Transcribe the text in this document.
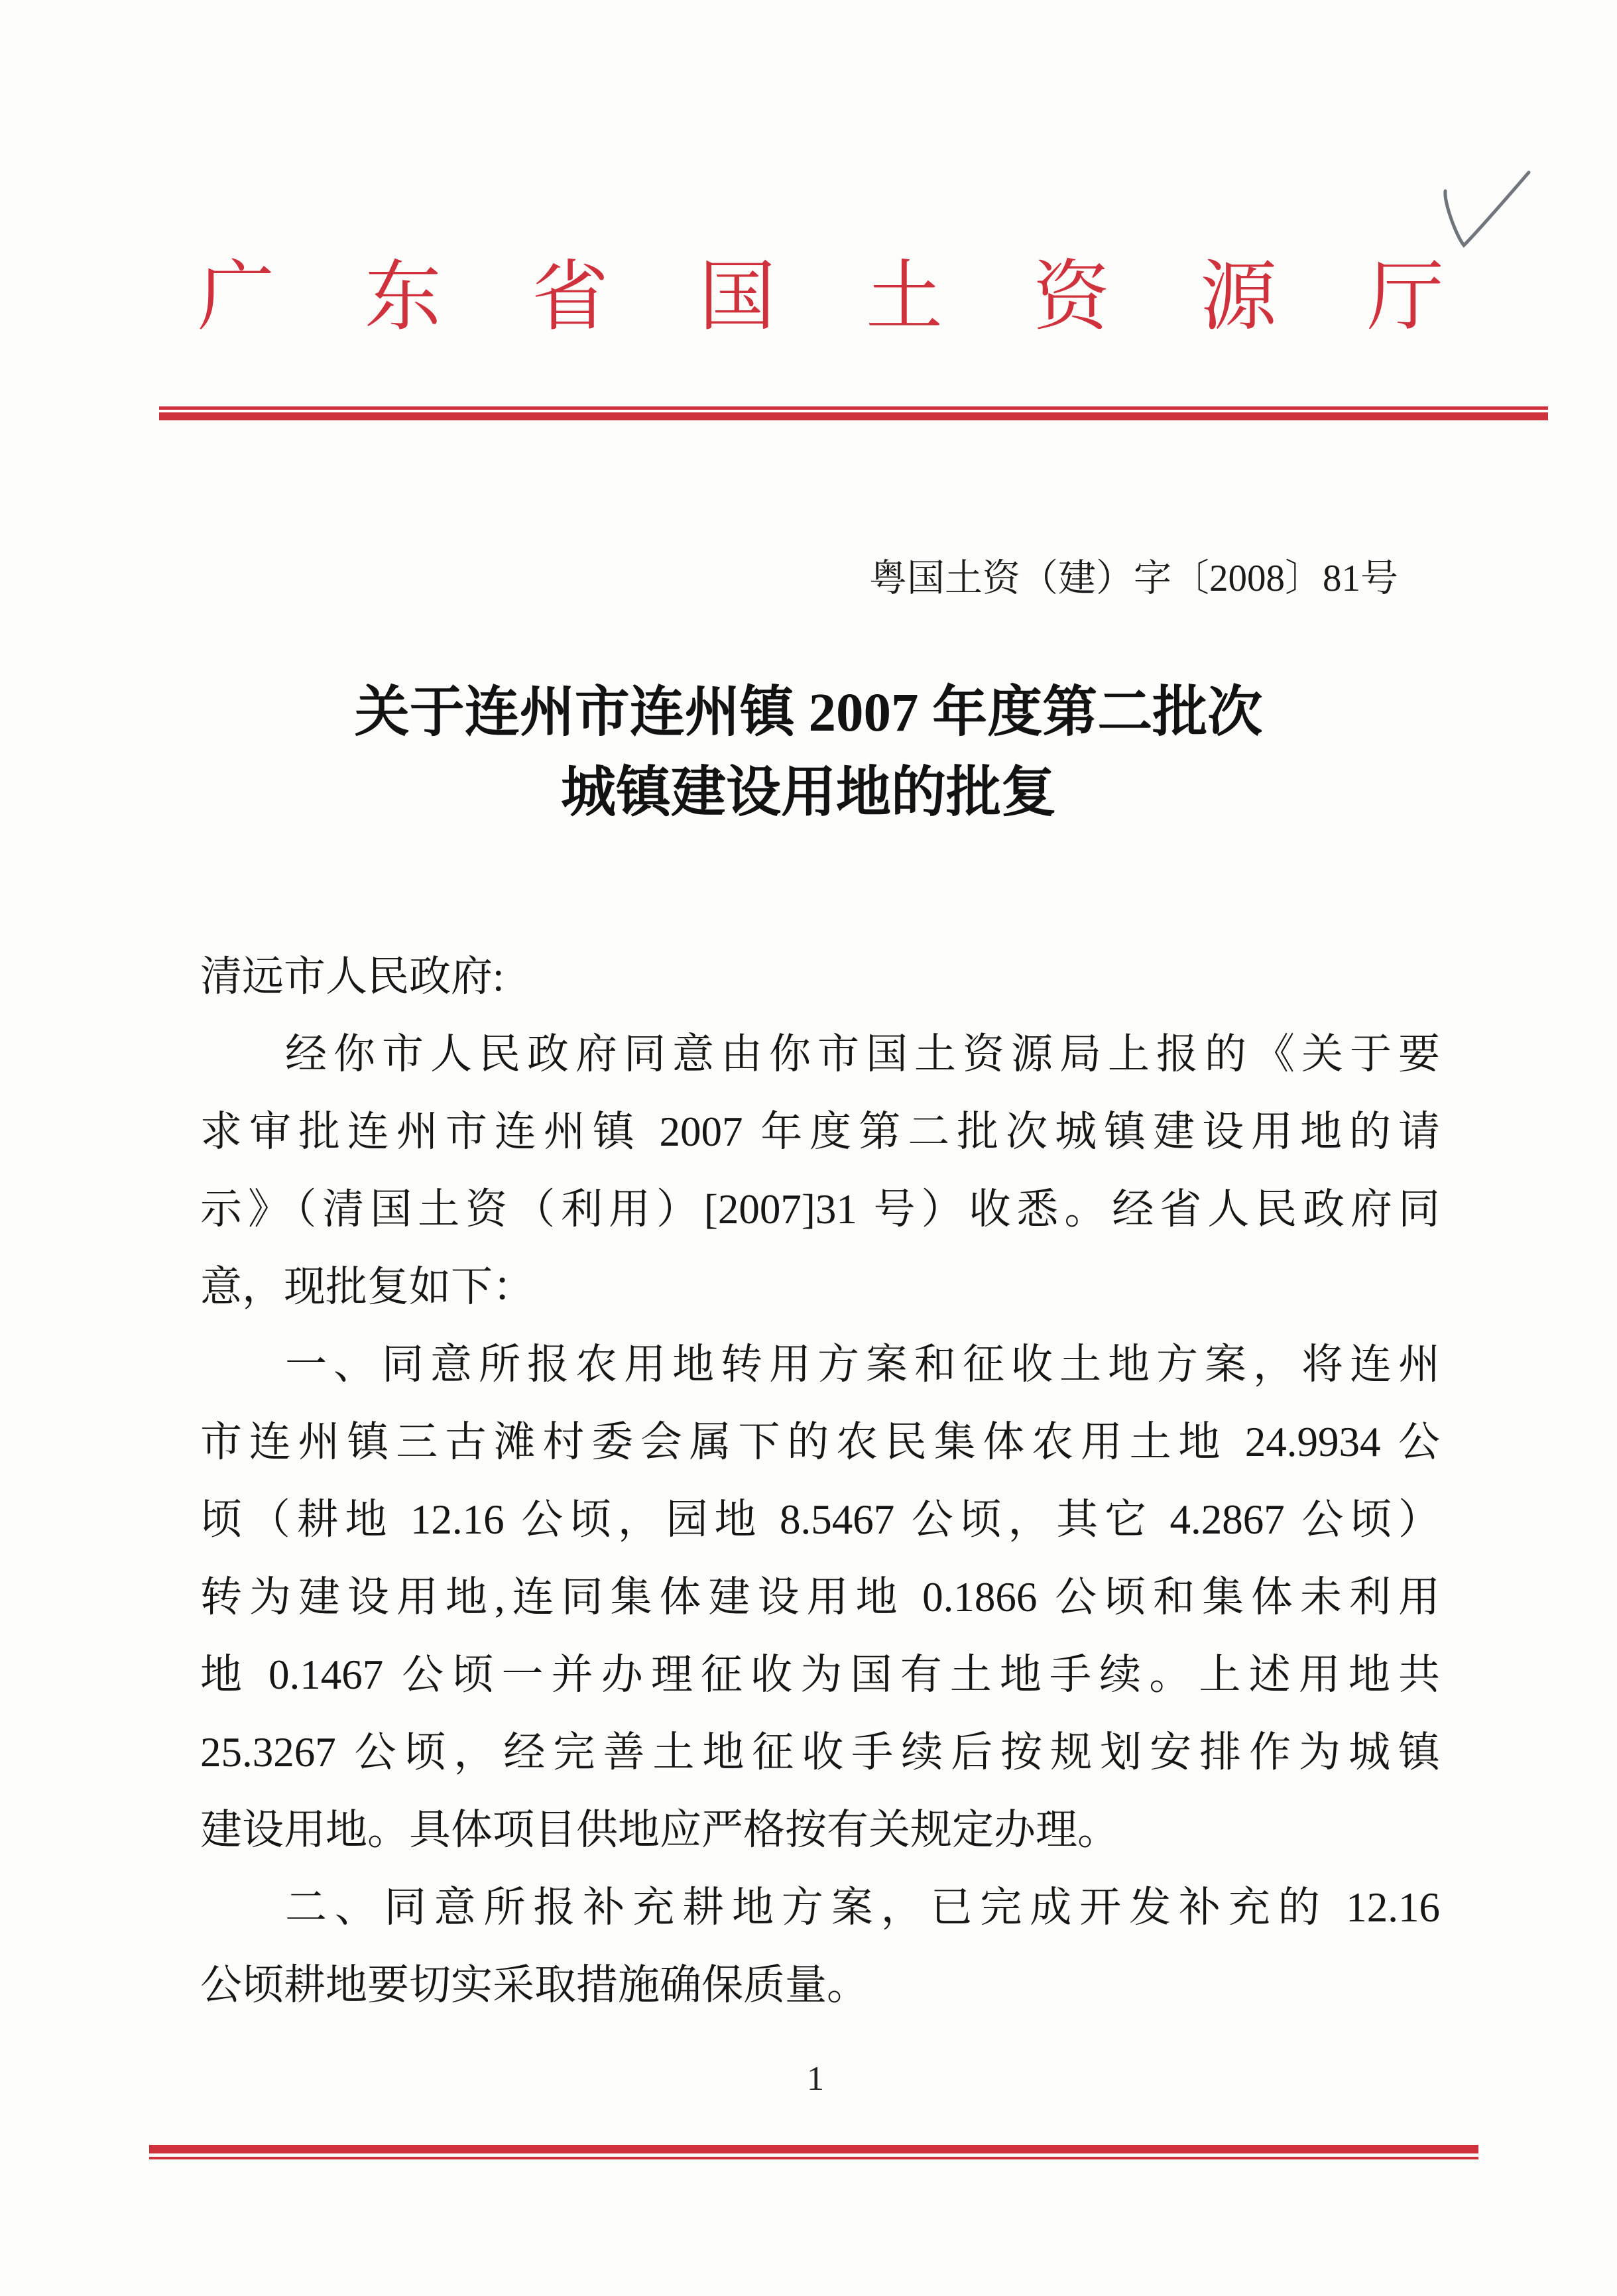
广东省国土资源厅
粤国土资（建）字〔2008〕81号
关于连州市连州镇 2007 年度第二批次
城镇建设用地的批复
清远市人民政府:
经你市人民政府同意由你市国土资源局上报的《关于要
求审批连州市连州镇 2007 年度第二批次城镇建设用地的请
示》（清国土资（利用）[2007]31 号）收悉。经省人民政府同
意，现批复如下：
一、同意所报农用地转用方案和征收土地方案，将连州
市连州镇三古滩村委会属下的农民集体农用土地 24.9934 公
顷（耕地 12.16 公顷，园地 8.5467 公顷，其它 4.2867 公顷）
转为建设用地,连同集体建设用地 0.1866 公顷和集体未利用
地 0.1467 公顷一并办理征收为国有土地手续。上述用地共
25.3267 公顷，经完善土地征收手续后按规划安排作为城镇
建设用地。具体项目供地应严格按有关规定办理。
二、同意所报补充耕地方案，已完成开发补充的 12.16
公顷耕地要切实采取措施确保质量。
1
